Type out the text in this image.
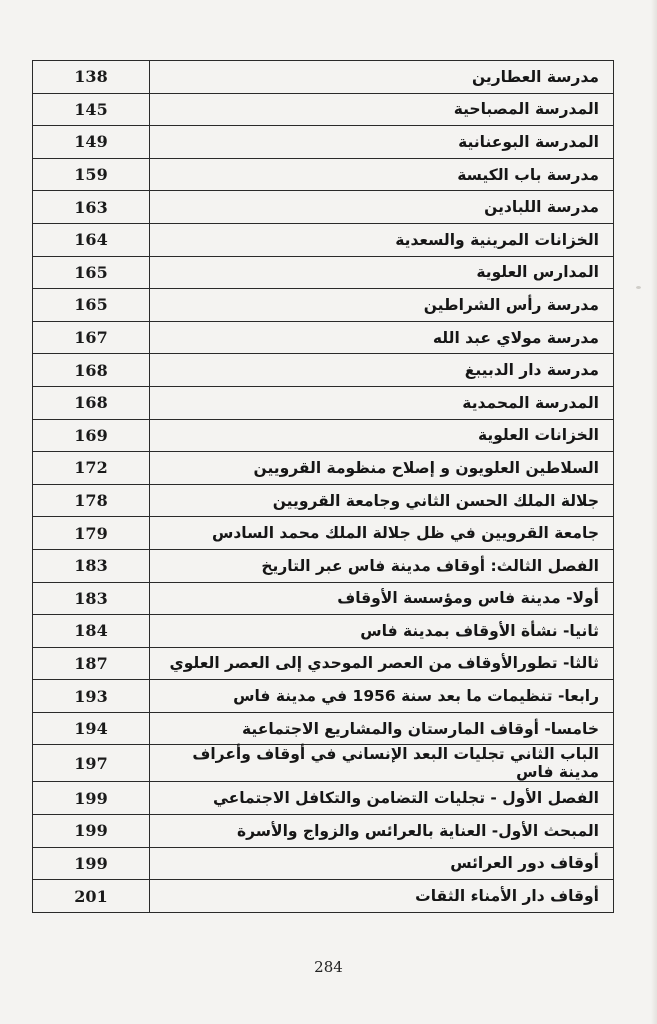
138	مدرسة العطارين
145	المدرسة المصباحية
149	المدرسة البوعنانية
159	مدرسة باب الكيسة
163	مدرسة اللبادين
164	الخزانات المرينية والسعدية
165	المدارس العلوية
165	مدرسة رأس الشراطين
167	مدرسة مولاي عبد الله
168	مدرسة دار الدبيبغ
168	المدرسة المحمدية
169	الخزانات العلوية
172	السلاطين العلويون و إصلاح منظومة القرويين
178	جلالة الملك الحسن الثاني وجامعة القرويين
179	جامعة القرويين في ظل جلالة الملك محمد السادس
183	الفصل الثالث: أوقاف مدينة فاس عبر التاريخ
183	أولا- مدينة فاس ومؤسسة الأوقاف
184	ثانيا- نشأة الأوقاف بمدينة فاس
187	ثالثا- تطورالأوقاف من العصر الموحدي إلى العصر العلوي
193	رابعا- تنظيمات ما بعد سنة 1956 في مدينة فاس
194	خامسا- أوقاف المارستان والمشاريع الاجتماعية
197	الباب الثاني تجليات البعد الإنساني في أوقاف وأعراف مدينة فاس
199	الفصل الأول - تجليات التضامن والتكافل الاجتماعي
199	المبحث الأول- العناية بالعرائس والزواج والأسرة
199	أوقاف دور العرائس
201	أوقاف دار الأمناء الثقات
284
